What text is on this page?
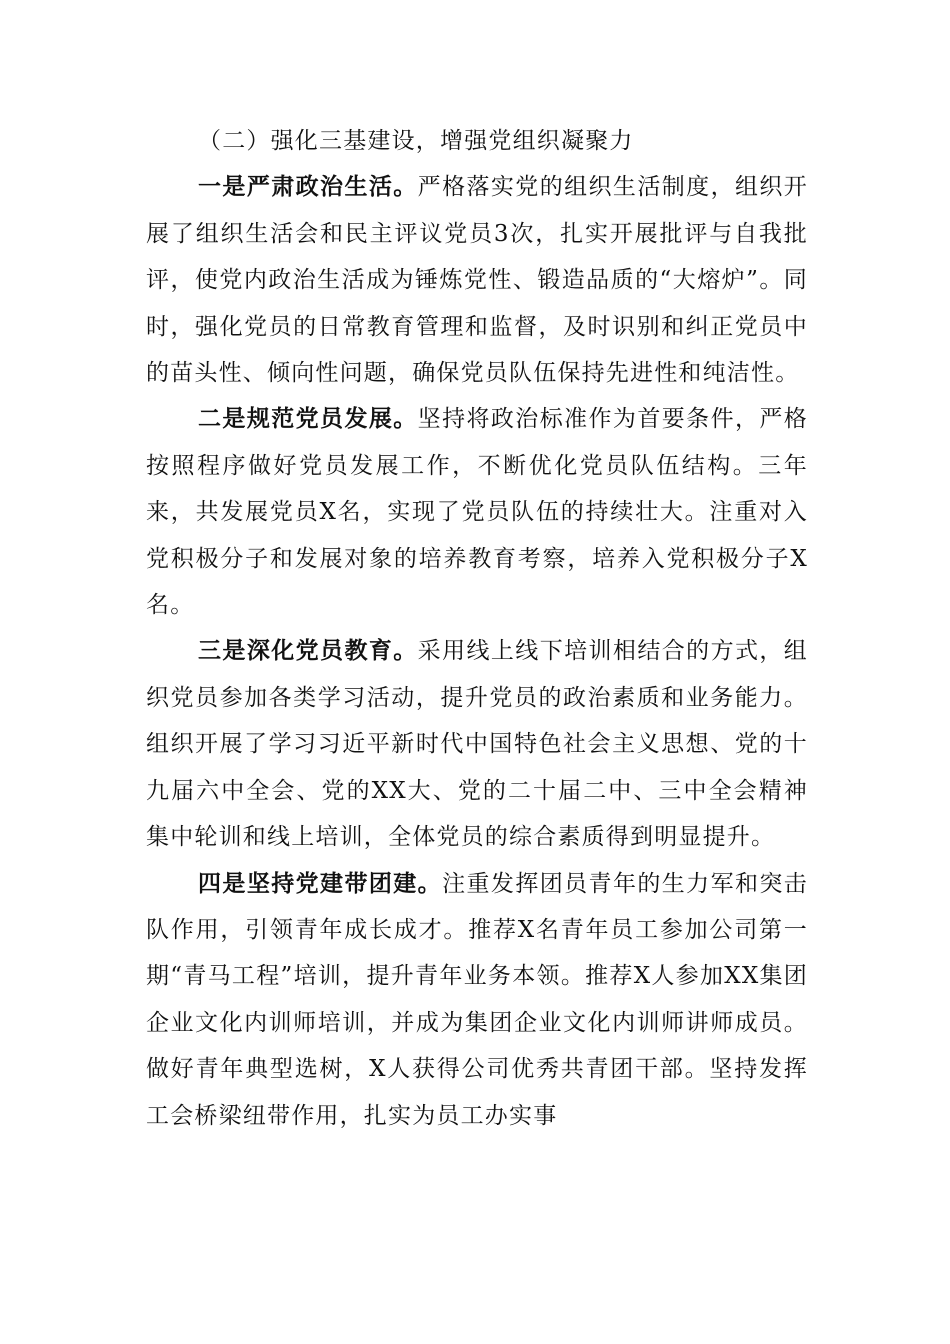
（二）强化三基建设，增强党组织凝聚力

一是严肃政治生活。严格落实党的组织生活制度，组织开展了组织生活会和民主评议党员3次，扎实开展批评与自我批评，使党内政治生活成为锤炼党性、锻造品质的“大熔炉”。同时，强化党员的日常教育管理和监督，及时识别和纠正党员中的苗头性、倾向性问题，确保党员队伍保持先进性和纯洁性。

二是规范党员发展。坚持将政治标准作为首要条件，严格按照程序做好党员发展工作，不断优化党员队伍结构。三年来，共发展党员X名，实现了党员队伍的持续壮大。注重对入党积极分子和发展对象的培养教育考察，培养入党积极分子X名。

三是深化党员教育。采用线上线下培训相结合的方式，组织党员参加各类学习活动，提升党员的政治素质和业务能力。组织开展了学习习近平新时代中国特色社会主义思想、党的十九届六中全会、党的XX大、党的二十届二中、三中全会精神集中轮训和线上培训，全体党员的综合素质得到明显提升。

四是坚持党建带团建。注重发挥团员青年的生力军和突击队作用，引领青年成长成才。推荐X名青年员工参加公司第一期“青马工程”培训，提升青年业务本领。推荐X人参加XX集团企业文化内训师培训，并成为集团企业文化内训师讲师成员。做好青年典型选树，X人获得公司优秀共青团干部。坚持发挥工会桥梁纽带作用，扎实为员工办实事
